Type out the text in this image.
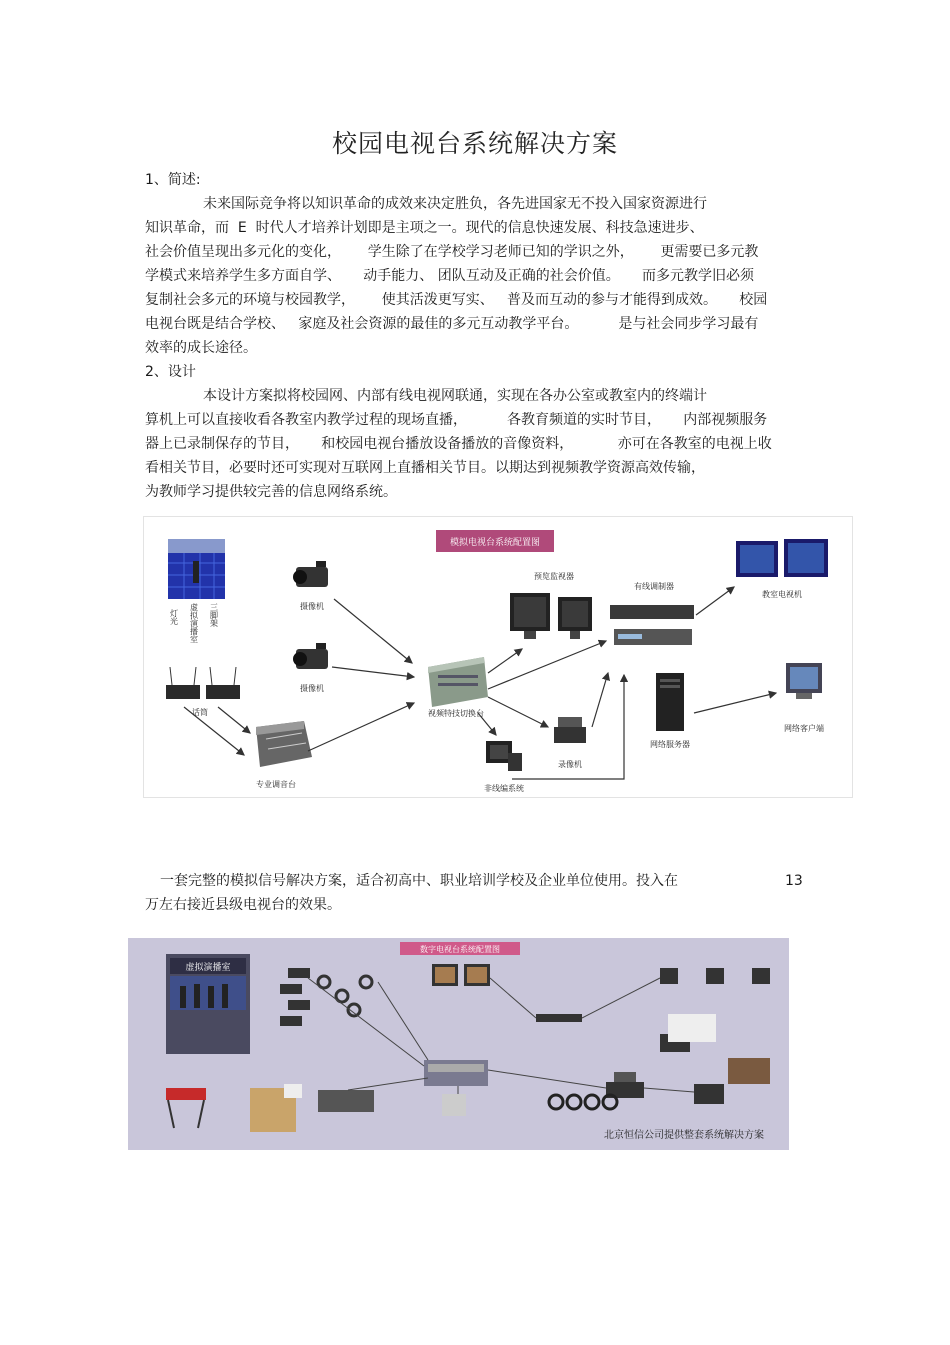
校园电视台系统解决方案
1、简述:
未来国际竞争将以知识革命的成效来决定胜负，各先进国家无不投入国家资源进行
知识革命，而  E  时代人才培养计划即是主项之一。现代的信息快速发展、科技急速进步、
社会价值呈现出多元化的变化，      学生除了在学校学习老师已知的学识之外，      更需要已多元教
学模式来培养学生多方面自学、     动手能力、 团队互动及正确的社会价值。     而多元教学旧必须
复制社会多元的环境与校园教学，      使其活泼更写实、   普及而互动的参与才能得到成效。     校园
电视台既是结合学校、   家庭及社会资源的最佳的多元互动教学平台。         是与社会同步学习最有
效率的成长途径。
2、设计
本设计方案拟将校园网、内部有线电视网联通，实现在各办公室或教室内的终端计
算机上可以直接收看各教室内教学过程的现场直播，         各教育频道的实时节目，     内部视频服务
器上已录制保存的节目，     和校园电视台播放设备播放的音像资料，          亦可在各教室的电视上收
看相关节目，必要时还可实现对互联网上直播相关节目。以期达到视频教学资源高效传输，
为教师学习提供较完善的信息网络系统。
模拟电视台系统配置图
灯光 虚拟演播室 三脚架	摄像机
摄像机
话筒
专业调音台
视频特技切换台
预览监视器
有线调制器
教室电视机
录像机
非线编系统
网络服务器
网络客户端
一套完整的模拟信号解决方案，适合初高中、职业培训学校及企业单位使用。投入在	13
万左右接近县级电视台的效果。
数字电视台系统配置图
虚拟演播室
北京恒信公司提供整套系统解决方案
